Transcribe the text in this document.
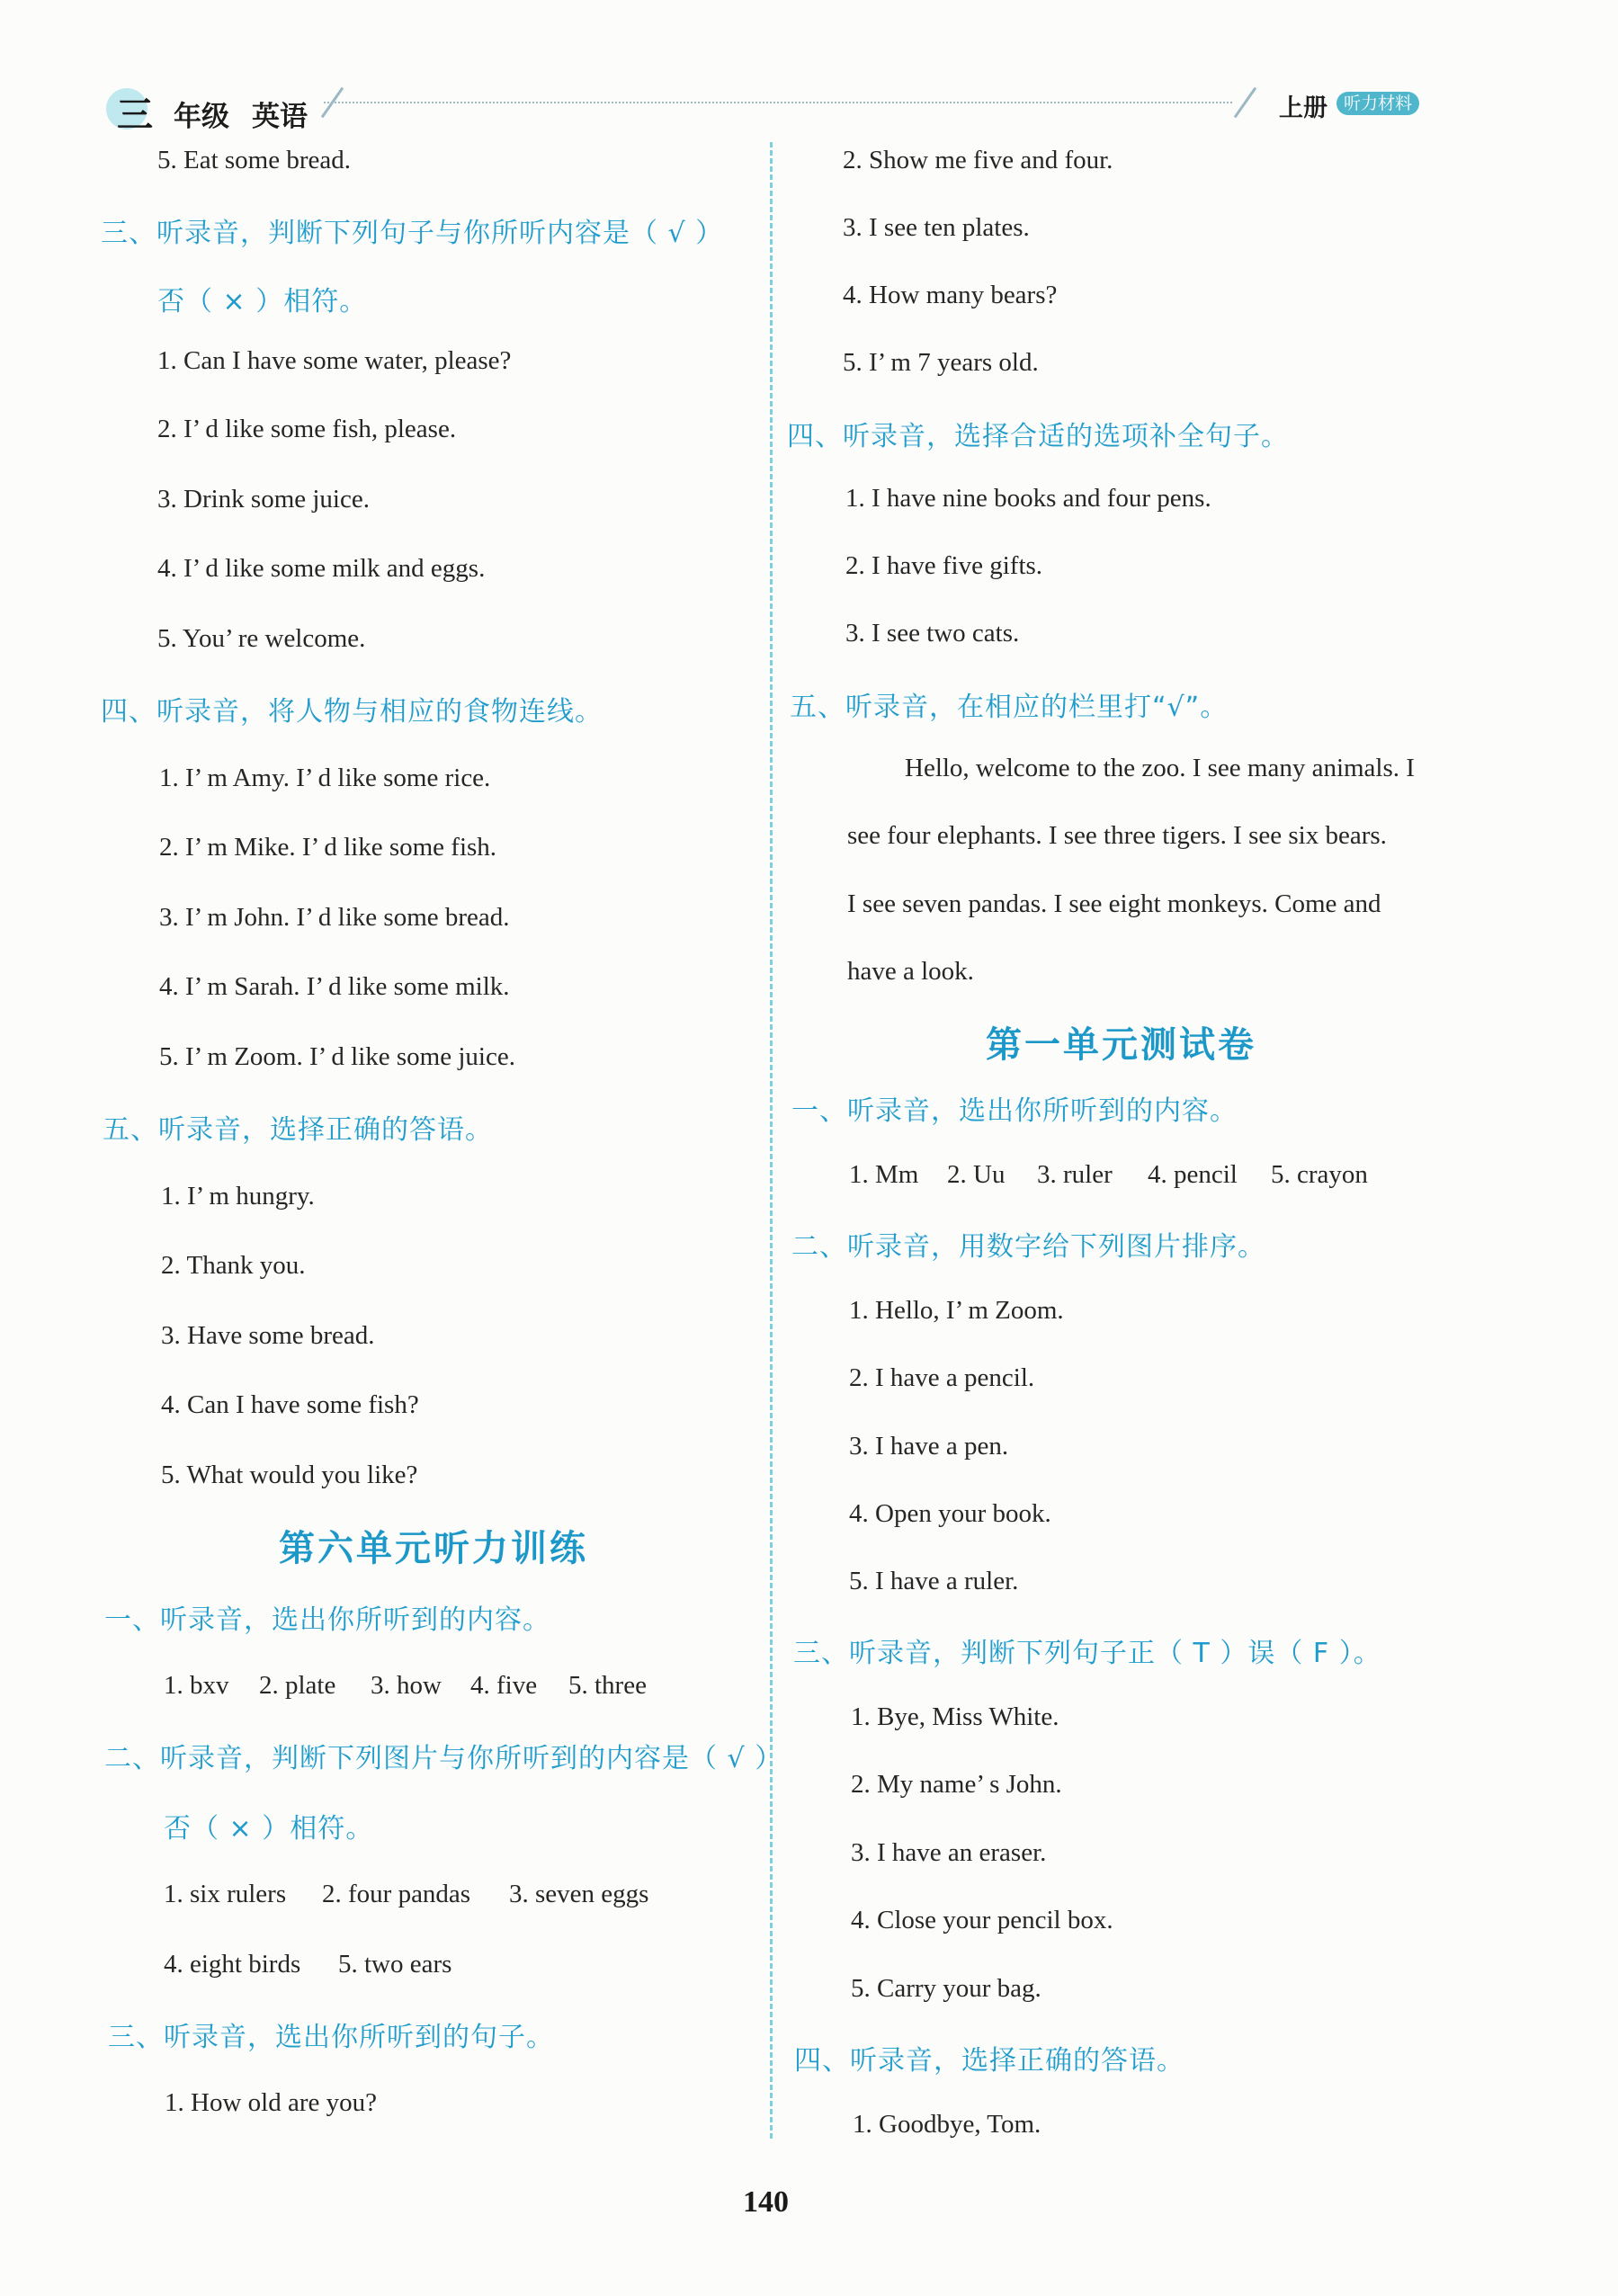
三 年级 英语	上册 听力材料
5. Eat some bread.
三、听录音，判断下列句子与你所听内容是（ √ ）
否（ × ）相符。
1. Can I have some water, please?
2. I’ d like some fish, please.
3. Drink some juice.
4. I’ d like some milk and eggs.
5. You’ re welcome.
四、听录音，将人物与相应的食物连线。
1. I’ m Amy. I’ d like some rice.
2. I’ m Mike. I’ d like some fish.
3. I’ m John. I’ d like some bread.
4. I’ m Sarah. I’ d like some milk.
5. I’ m Zoom. I’ d like some juice.
五、听录音，选择正确的答语。
1. I’ m hungry.
2. Thank you.
3. Have some bread.
4. Can I have some fish?
5. What would you like?
第六单元听力训练
一、听录音，选出你所听到的内容。
1. bxv 2. plate 3. how 4. five 5. three
二、听录音，判断下列图片与你所听到的内容是（ √ ）
否（ × ）相符。
1. six rulers 2. four pandas 3. seven eggs
4. eight birds 5. two ears
三、听录音，选出你所听到的句子。
1. How old are you?
2. Show me five and four.
3. I see ten plates.
4. How many bears?
5. I’ m 7 years old.
四、听录音，选择合适的选项补全句子。
1. I have nine books and four pens.
2. I have five gifts.
3. I see two cats.
五、听录音，在相应的栏里打“√”。
Hello, welcome to the zoo. I see many animals. I
see four elephants. I see three tigers. I see six bears.
I see seven pandas. I see eight monkeys. Come and
have a look.
第一单元测试卷
一、听录音，选出你所听到的内容。
1. Mm 2. Uu 3. ruler 4. pencil 5. crayon
二、听录音，用数字给下列图片排序。
1. Hello, I’ m Zoom.
2. I have a pencil.
3. I have a pen.
4. Open your book.
5. I have a ruler.
三、听录音，判断下列句子正（ T ）误（ F ）。
1. Bye, Miss White.
2. My name’ s John.
3. I have an eraser.
4. Close your pencil box.
5. Carry your bag.
四、听录音，选择正确的答语。
1. Goodbye, Tom.
140
